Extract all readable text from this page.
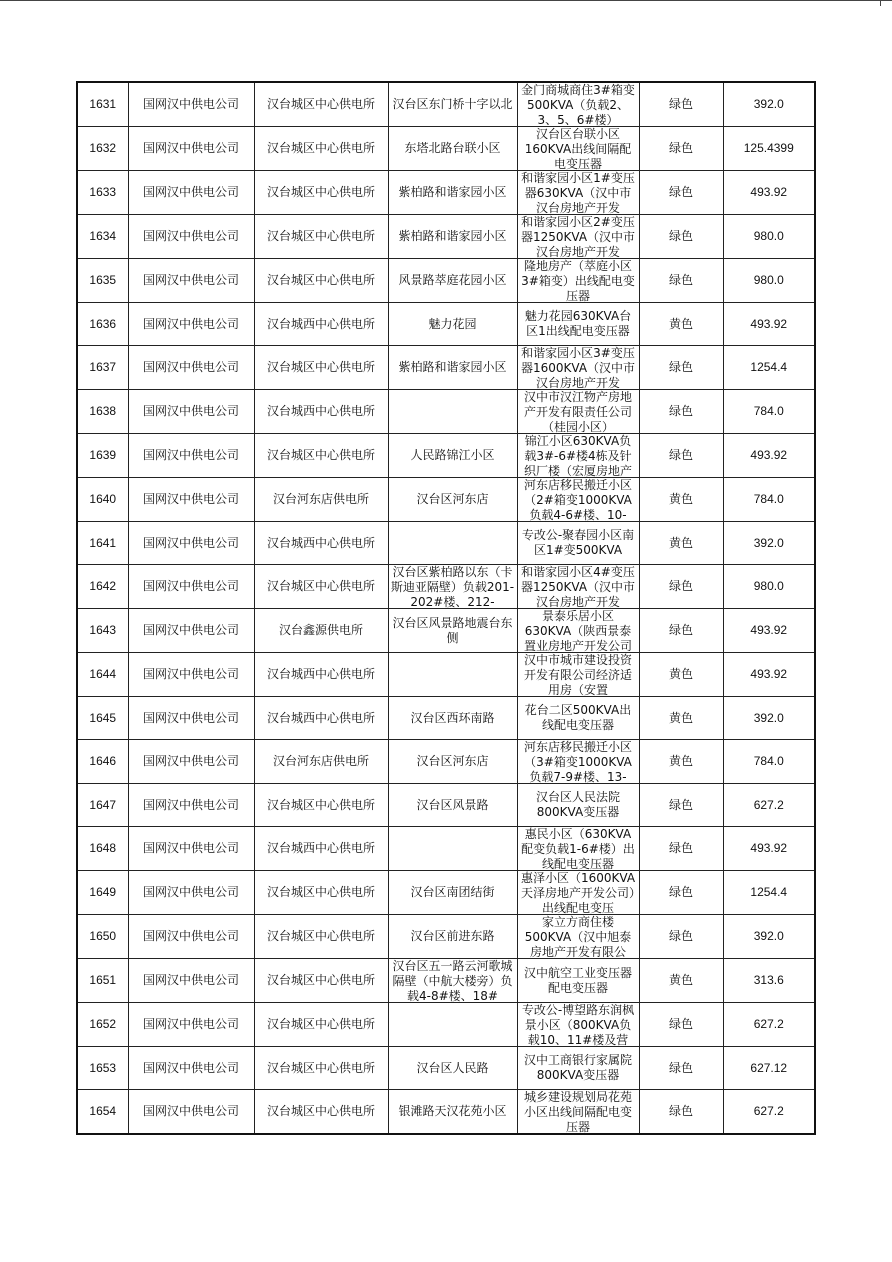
1631	国网汉中供电公司	汉台城区中心供电所	汉台区东门桥十字以北	金门商城商住3#箱变500KVA（负载2、3、5、6#楼）	绿色	392.0

1632	国网汉中供电公司	汉台城区中心供电所	东塔北路台联小区	汉台区台联小区160KVA出线间隔配电变压器	绿色	125.4399

1633	国网汉中供电公司	汉台城区中心供电所	紫柏路和谐家园小区	和谐家园小区1#变压器630KVA（汉中市汉台房地产开发	绿色	493.92

1634	国网汉中供电公司	汉台城区中心供电所	紫柏路和谐家园小区	和谐家园小区2#变压器1250KVA（汉中市汉台房地产开发	绿色	980.0

1635	国网汉中供电公司	汉台城区中心供电所	风景路萃庭花园小区	隆地房产（萃庭小区3#箱变）出线配电变压器	绿色	980.0

1636	国网汉中供电公司	汉台城西中心供电所	魅力花园	魅力花园630KVA台区1出线配电变压器	黄色	493.92

1637	国网汉中供电公司	汉台城区中心供电所	紫柏路和谐家园小区	和谐家园小区3#变压器1600KVA（汉中市汉台房地产开发	绿色	1254.4

1638	国网汉中供电公司	汉台城西中心供电所		汉中市汉江物产房地产开发有限责任公司（桂园小区）	绿色	784.0

1639	国网汉中供电公司	汉台城区中心供电所	人民路锦江小区	锦江小区630KVA负载3#-6#楼4栋及针织厂楼（宏厦房地产	绿色	493.92

1640	国网汉中供电公司	汉台河东店供电所	汉台区河东店	河东店移民搬迁小区（2#箱变1000KVA负载4-6#楼、10-	黄色	784.0

1641	国网汉中供电公司	汉台城西中心供电所		专改公-聚春园小区南区1#变500KVA	黄色	392.0

1642	国网汉中供电公司	汉台城区中心供电所	汉台区紫柏路以东（卡斯迪亚隔壁）负载201-202#楼、212-	和谐家园小区4#变压器1250KVA（汉中市汉台房地产开发	绿色	980.0

1643	国网汉中供电公司	汉台鑫源供电所	汉台区风景路地震台东侧	景泰乐居小区630KVA（陕西景泰置业房地产开发公司	绿色	493.92

1644	国网汉中供电公司	汉台城西中心供电所		汉中市城市建设投资开发有限公司经济适用房（安置	黄色	493.92

1645	国网汉中供电公司	汉台城西中心供电所	汉台区西环南路	花台二区500KVA出线配电变压器	黄色	392.0

1646	国网汉中供电公司	汉台河东店供电所	汉台区河东店	河东店移民搬迁小区（3#箱变1000KVA负载7-9#楼、13-	黄色	784.0

1647	国网汉中供电公司	汉台城区中心供电所	汉台区风景路	汉台区人民法院800KVA变压器	绿色	627.2

1648	国网汉中供电公司	汉台城西中心供电所		惠民小区（630KVA配变负载1-6#楼）出线配电变压器	绿色	493.92

1649	国网汉中供电公司	汉台城区中心供电所	汉台区南团结街	惠泽小区（1600KVA天泽房地产开发公司）出线配电变压	绿色	1254.4

1650	国网汉中供电公司	汉台城区中心供电所	汉台区前进东路	家立方商住楼500KVA（汉中旭泰房地产开发有限公	绿色	392.0

1651	国网汉中供电公司	汉台城区中心供电所	汉台区五一路云河歌城隔壁（中航大楼旁）负载4-8#楼、18#	汉中航空工业变压器配电变压器	黄色	313.6

1652	国网汉中供电公司	汉台城区中心供电所		专改公-博望路东润枫景小区（800KVA负载10、11#楼及营	绿色	627.2

1653	国网汉中供电公司	汉台城区中心供电所	汉台区人民路	汉中工商银行家属院800KVA变压器	绿色	627.12

1654	国网汉中供电公司	汉台城区中心供电所	银滩路天汉花苑小区	城乡建设规划局花苑小区出线间隔配电变压器	绿色	627.2
